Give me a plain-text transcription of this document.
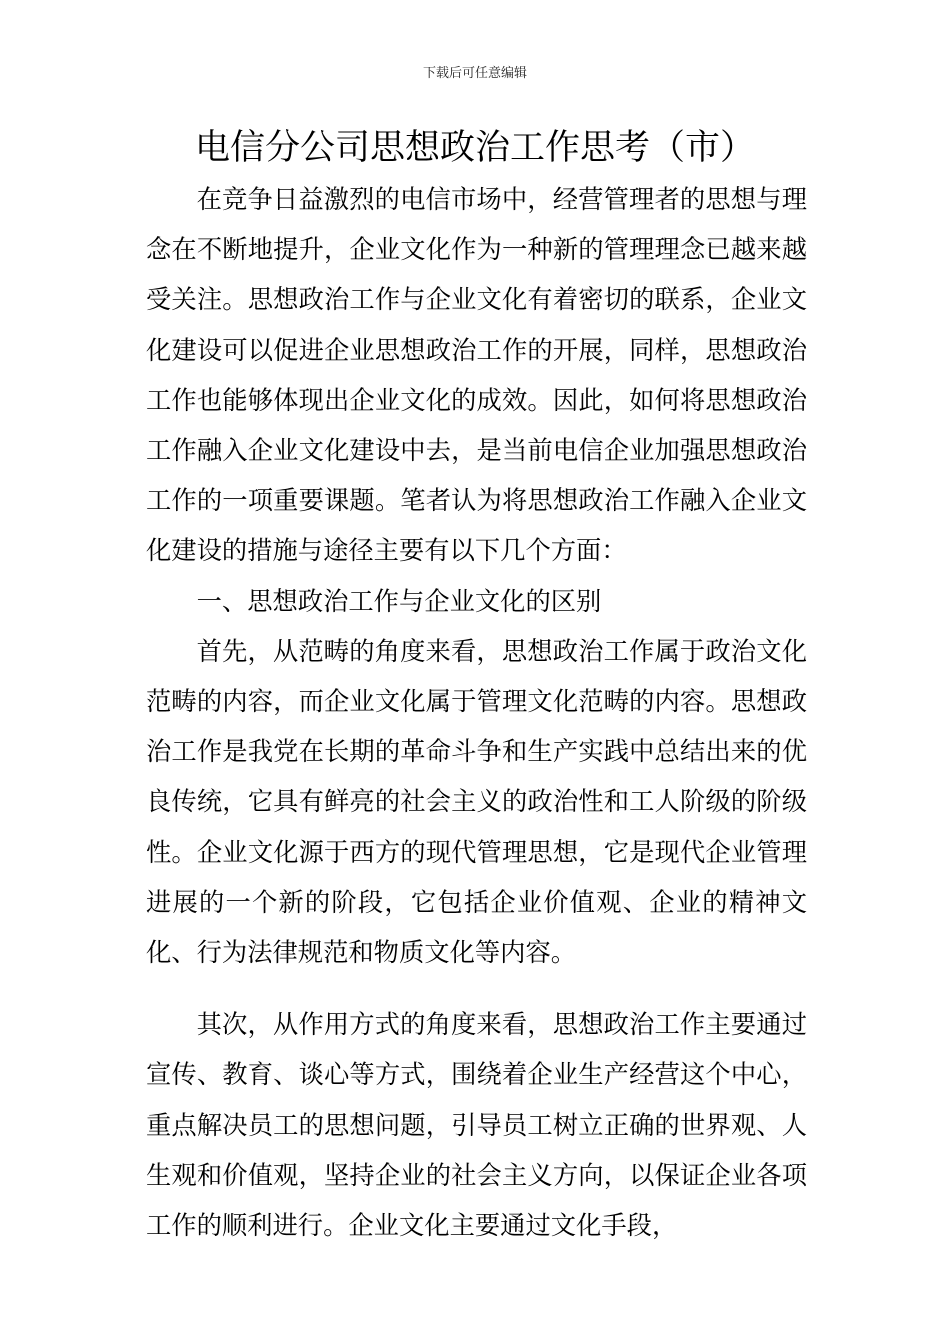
下载后可任意编辑
电信分公司思想政治工作思考（市）

在竞争日益激烈的电信市场中，经营管理者的思想与理念在不断地提升，企业文化作为一种新的管理理念已越来越受关注。思想政治工作与企业文化有着密切的联系，企业文化建设可以促进企业思想政治工作的开展，同样，思想政治工作也能够体现出企业文化的成效。因此，如何将思想政治工作融入企业文化建设中去，是当前电信企业加强思想政治工作的一项重要课题。笔者认为将思想政治工作融入企业文化建设的措施与途径主要有以下几个方面：

一、思想政治工作与企业文化的区别

首先，从范畴的角度来看，思想政治工作属于政治文化范畴的内容，而企业文化属于管理文化范畴的内容。思想政治工作是我党在长期的革命斗争和生产实践中总结出来的优良传统，它具有鲜亮的社会主义的政治性和工人阶级的阶级性。企业文化源于西方的现代管理思想，它是现代企业管理进展的一个新的阶段，它包括企业价值观、企业的精神文化、行为法律规范和物质文化等内容。

其次，从作用方式的角度来看，思想政治工作主要通过宣传、教育、谈心等方式，围绕着企业生产经营这个中心，重点解决员工的思想问题，引导员工树立正确的世界观、人生观和价值观，坚持企业的社会主义方向，以保证企业各项工作的顺利进行。企业文化主要通过文化手段，
